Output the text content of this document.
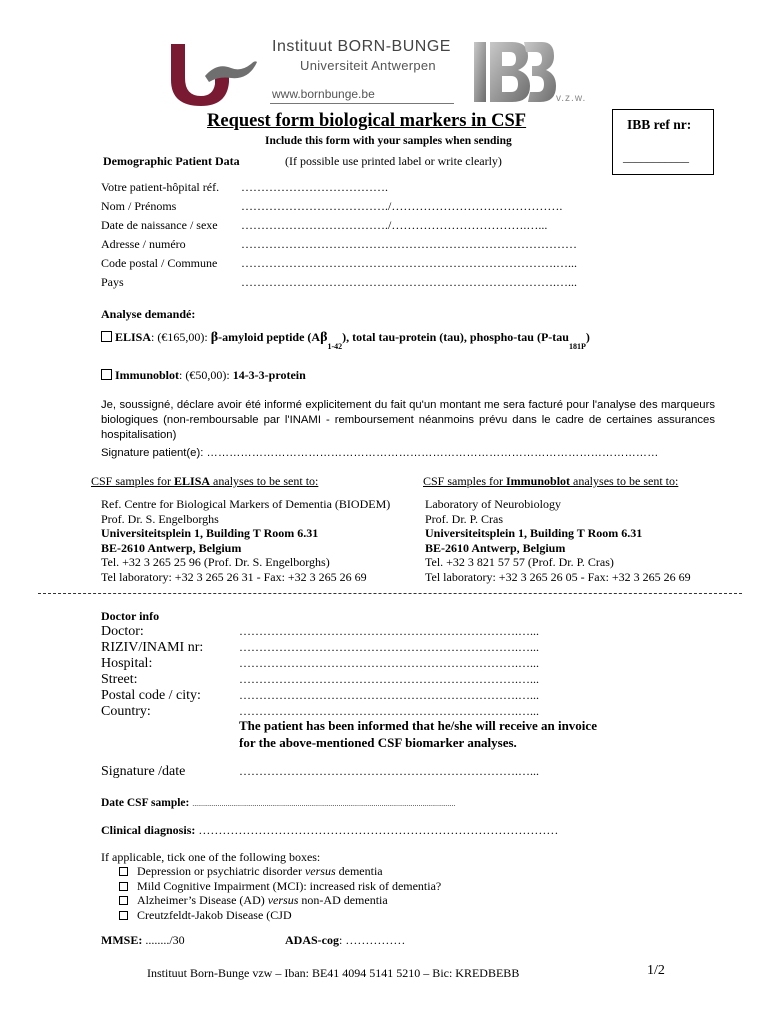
Instituut BORN-BUNGE
Universiteit Antwerpen
www.bornbunge.be	v.z.w.
Request form biological markers in CSF
Include this form with your samples when sending
IBB ref nr:
___________
Demographic Patient Data	(If possible use printed label or write clearly)
Votre patient-hôpital réf. ……………………………….
Nom / Prénoms	………………………………./…………………………………….
Date de naissance / sexe ………………………………./…………………………….…...
Adresse / numéro	…………………………………………………………………………
Code postal / Commune …………………………………………………………………….…...
Pays	…………………………………………………………………….…...
Analyse demandé:
ELISA: (€165,00): β-amyloid peptide $(A\beta_{1-42})$, total tau-protein (tau), phospho-tau (P-tau$_{181P}$)
Immunoblot: (€50,00): 14-3-3-protein
Je, soussigné, déclare avoir été informé explicitement du fait qu'un montant me sera facturé pour l'analyse des marqueurs biologiques (non-remboursable par l'INAMI - remboursement néanmoins prévu dans le cadre de certaines assurances hospitalisation)
Signature patient(e): …………………………………………………………………………………………………………
CSF samples for ELISA analyses to be sent to:	CSF samples for Immunoblot analyses to be sent to:
Ref. Centre for Biological Markers of Dementia (BIODEM)
Prof. Dr. S. Engelborghs
Universiteitsplein 1, Building T Room 6.31
BE-2610 Antwerp, Belgium
Tel. +32 3 265 25 96 (Prof. Dr. S. Engelborghs)
Tel laboratory: +32 3 265 26 31 - Fax: +32 3 265 26 69
Laboratory of Neurobiology
Prof. Dr. P. Cras
Universiteitsplein 1, Building T Room 6.31
BE-2610 Antwerp, Belgium
Tel. +32 3 821 57 57 (Prof. Dr. P. Cras)
Tel laboratory: +32 3 265 26 05 - Fax: +32 3 265 26 69
Doctor info
Doctor:	…………………………………………………………….…...
RIZIV/INAMI nr:	…………………………………………………………….…...
Hospital:	…………………………………………………………….…...
Street:	…………………………………………………………….…...
Postal code / city:	…………………………………………………………….…...
Country:	…………………………………………………………….…...
The patient has been informed that he/she will receive an invoice for the above-mentioned CSF biomarker analyses.
Signature /date	…………………………………………………………….…...
Date CSF sample: .......................................................................................................................................
Clinical diagnosis: ………………………………………………………………………………
If applicable, tick one of the following boxes:
Depression or psychiatric disorder versus dementia
Mild Cognitive Impairment (MCI): increased risk of dementia?
Alzheimer’s Disease (AD) versus non-AD dementia
Creutzfeldt-Jakob Disease (CJD
MMSE: ......../30	ADAS-cog: ……………
Instituut Born-Bunge vzw – Iban: BE41 4094 5141 5210 – Bic: KREDBEBB	1/2
